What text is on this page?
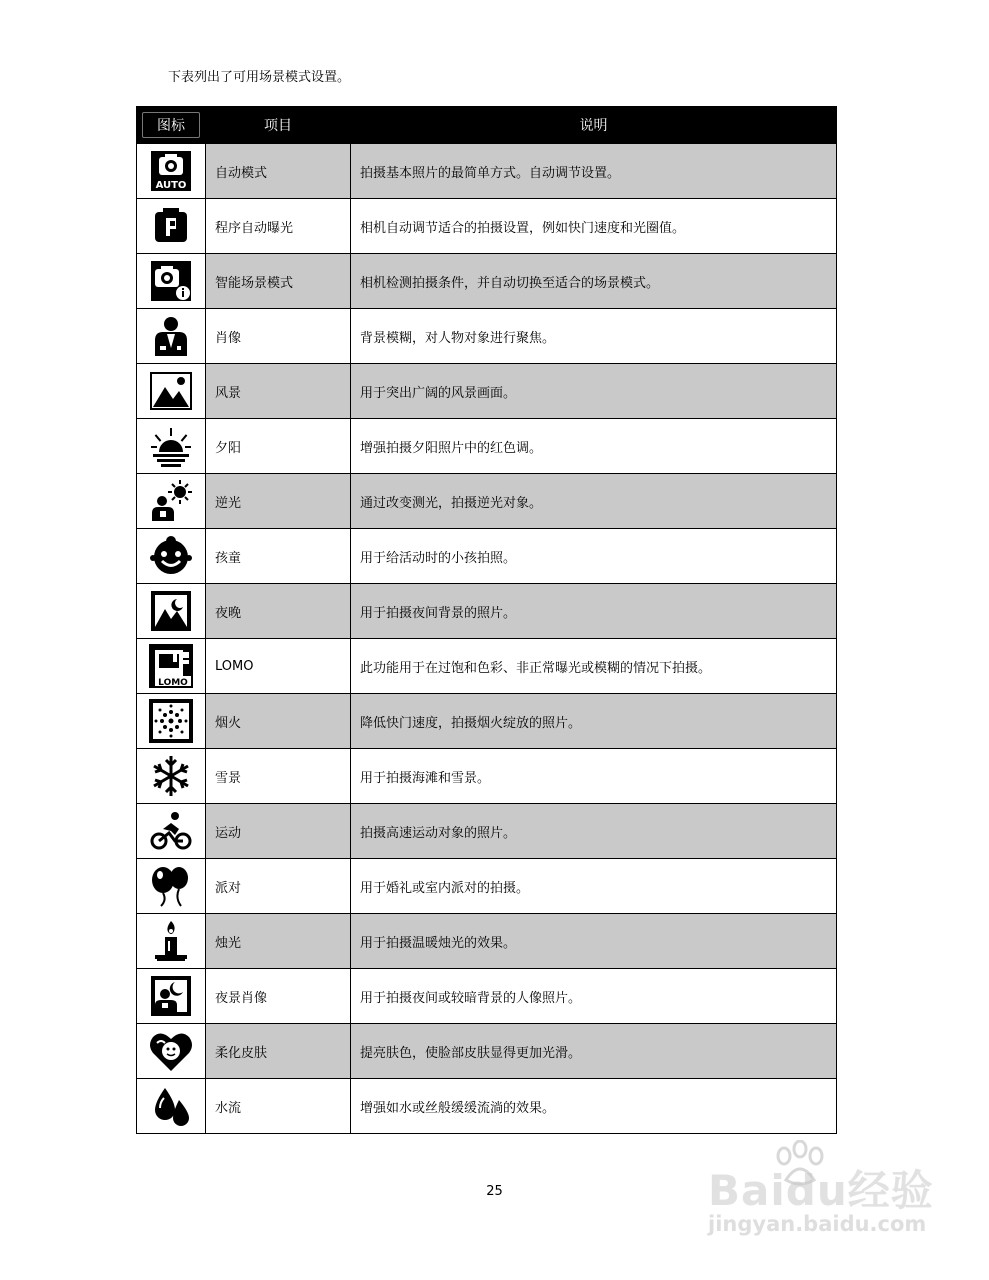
下表列出了可用场景模式设置。
图标	项目	说明

AUTO	自动模式	拍摄基本照片的最简单方式。自动调节设置。

	程序自动曝光	相机自动调节适合的拍摄设置，例如快门速度和光圈值。

	智能场景模式	相机检测拍摄条件，并自动切换至适合的场景模式。

	肖像	背景模糊，对人物对象进行聚焦。

	风景	用于突出广阔的风景画面。

	夕阳	增强拍摄夕阳照片中的红色调。

	逆光	通过改变测光，拍摄逆光对象。

	孩童	用于给活动时的小孩拍照。

	夜晚	用于拍摄夜间背景的照片。

LOMO	LOMO	此功能用于在过饱和色彩、非正常曝光或模糊的情况下拍摄。

	烟火	降低快门速度，拍摄烟火绽放的照片。

	雪景	用于拍摄海滩和雪景。

	运动	拍摄高速运动对象的照片。

	派对	用于婚礼或室内派对的拍摄。

	烛光	用于拍摄温暖烛光的效果。

	夜景肖像	用于拍摄夜间或较暗背景的人像照片。

	柔化皮肤	提亮肤色，使脸部皮肤显得更加光滑。

	水流	增强如水或丝般缓缓流淌的效果。
25	Baidu经验
jingyan.baidu.com
